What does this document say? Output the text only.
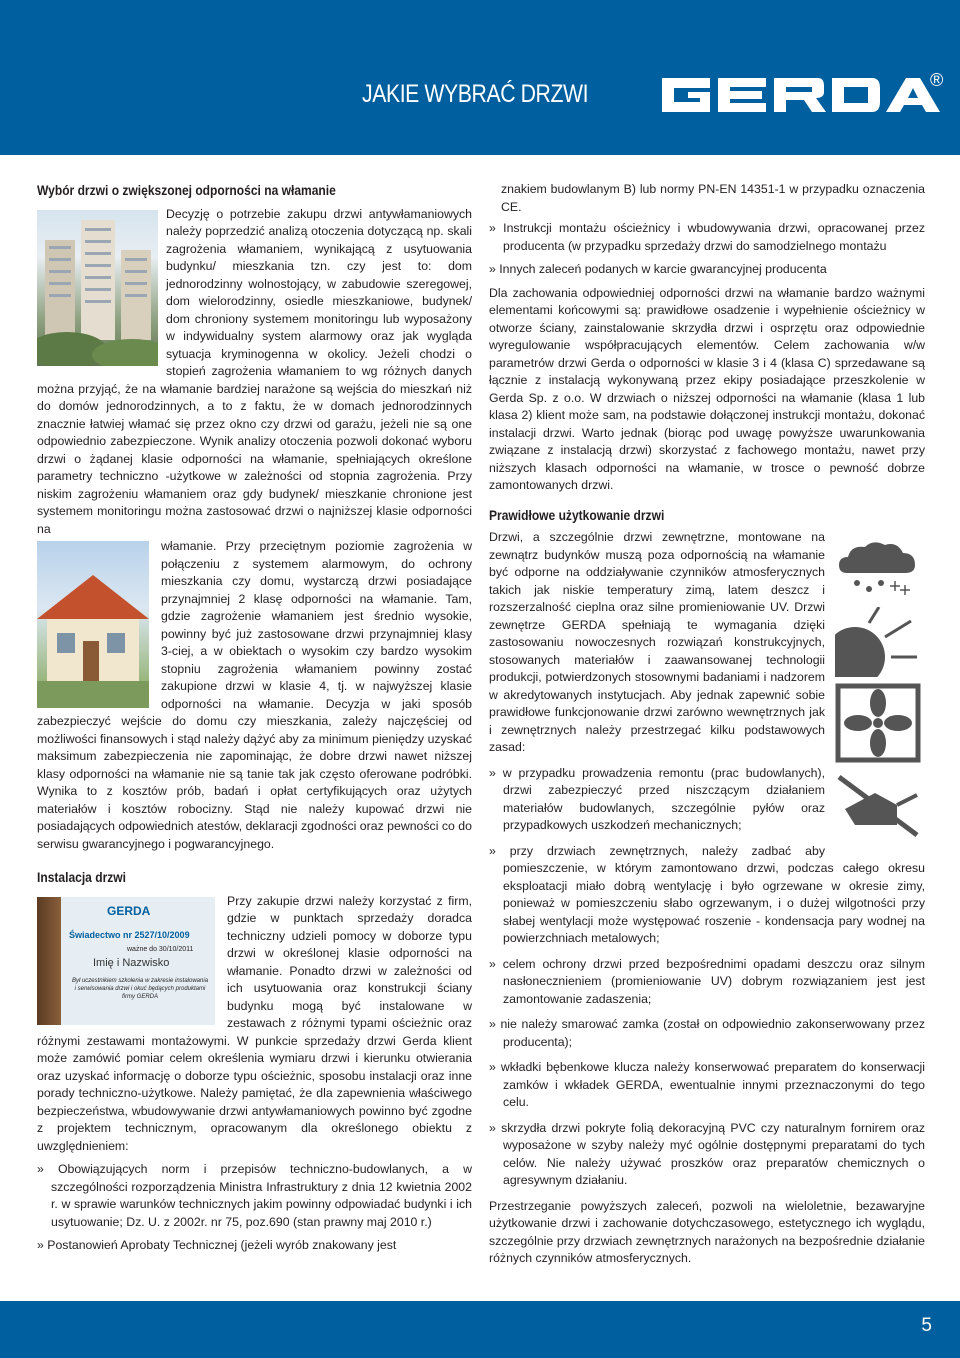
JAKIE WYBRAĆ DRZWI	®
Wybór drzwi o zwiększonej odporności na włamanie

Decyzję o potrzebie zakupu drzwi antywłamaniowych należy poprzedzić analizą otoczenia dotyczącą np. skali zagrożenia włamaniem, wynikającą z usytuowania budynku/ mieszkania tzn. czy jest to: dom jednorodzinny wolnostojący, w zabudowie szeregowej, dom wielorodzinny, osiedle mieszkaniowe, budynek/ dom chroniony systemem monitoringu lub wyposażony w indywidualny system alarmowy oraz jak wygląda sytuacja kryminogenna w okolicy. Jeżeli chodzi o stopień zagrożenia włamaniem to wg różnych danych można przyjąć, że na włamanie bardziej narażone są wejścia do mieszkań niż do domów jednorodzinnych, a to z faktu, że w domach jednorodzinnych znacznie łatwiej włamać się przez okno czy drzwi od garażu, jeżeli nie są one odpowiednio zabezpieczone. Wynik analizy otoczenia pozwoli dokonać wyboru drzwi o żądanej klasie odporności na włamanie, spełniających określone parametry techniczno -użytkowe w zależności od stopnia zagrożenia. Przy niskim zagrożeniu włamaniem oraz gdy budynek/ mieszkanie chronione jest systemem monitoringu można zastosować drzwi o najniższej klasie odporności na

włamanie. Przy przeciętnym poziomie zagrożenia w połączeniu z systemem alarmowym, do ochrony mieszkania czy domu, wystarczą drzwi posiadające przynajmniej 2 klasę odporności na włamanie. Tam, gdzie zagrożenie włamaniem jest średnio wysokie, powinny być już zastosowane drzwi przynajmniej klasy 3-ciej, a w obiektach o wysokim czy bardzo wysokim stopniu zagrożenia włamaniem powinny zostać zakupione drzwi w klasie 4, tj. w najwyższej klasie odporności na włamanie. Decyzja w jaki sposób zabezpieczyć wejście do domu czy mieszkania, zależy najczęściej od możliwości finansowych i stąd należy dążyć aby za minimum pieniędzy uzyskać maksimum zabezpieczenia nie zapominając, że dobre drzwi nawet niższej klasy odporności na włamanie nie są tanie tak jak często oferowane podróbki. Wynika to z kosztów prób, badań i opłat certyfikujących oraz użytych materiałów i kosztów robocizny. Stąd nie należy kupować drzwi nie posiadających odpowiednich atestów, deklaracji zgodności oraz pewności co do serwisu gwarancyjnego i pogwarancyjnego.

Instalacja drzwi
GERDA
Świadectwo nr 2527/10/2009
ważne do 30/10/2011
Imię i Nazwisko
Był uczestnikiem szkolenia w zakresie instalowania i serwisowania drzwi i okuć będących produktami firmy GERDA

Przy zakupie drzwi należy korzystać z firm, gdzie w punktach sprzedaży doradca techniczny udzieli pomocy w doborze typu drzwi w określonej klasie odporności na włamanie. Ponadto drzwi w zależności od ich usytuowania oraz konstrukcji ściany budynku mogą być instalowane w zestawach z różnymi typami ościeżnic oraz różnymi zestawami montażowymi. W punkcie sprzedaży drzwi Gerda klient może zamówić pomiar celem określenia wymiaru drzwi i kierunku otwierania oraz uzyskać informację o doborze typu ościeżnic, sposobu instalacji oraz inne porady techniczno-użytkowe. Należy pamiętać, że dla zapewnienia właściwego bezpieczeństwa, wbudowywanie drzwi antywłamaniowych powinno być zgodne z projektem technicznym, opracowanym dla określonego obiektu z uwzględnieniem:

» Obowiązujących norm i przepisów techniczno-budowlanych, a w szczególności rozporządzenia Ministra Infrastruktury z dnia 12 kwietnia 2002 r. w sprawie warunków technicznych jakim powinny odpowiadać budynki i ich usytuowanie; Dz. U. z 2002r. nr 75, poz.690 (stan prawny maj 2010 r.)

» Postanowień Aprobaty Technicznej (jeżeli wyrób znakowany jest

znakiem budowlanym B) lub normy PN-EN 14351-1 w przypadku oznaczenia CE.

» Instrukcji montażu ościeżnicy i wbudowywania drzwi, opracowanej przez producenta (w przypadku sprzedaży drzwi do samodzielnego montażu

» Innych zaleceń podanych w karcie gwarancyjnej producenta

Dla zachowania odpowiedniej odporności drzwi na włamanie bardzo ważnymi elementami końcowymi są: prawidłowe osadzenie i wypełnienie ościeżnicy w otworze ściany, zainstalowanie skrzydła drzwi i osprzętu oraz odpowiednie wyregulowanie współpracujących elementów. Celem zachowania w/w parametrów drzwi Gerda o odporności w klasie 3 i 4 (klasa C) sprzedawane są łącznie z instalacją wykonywaną przez ekipy posiadające przeszkolenie w Gerda Sp. z o.o. W drzwiach o niższej odporności na włamanie (klasa 1 lub klasa 2) klient może sam, na podstawie dołączonej instrukcji montażu, dokonać instalacji drzwi. Warto jednak (biorąc pod uwagę powyższe uwarunkowania związane z instalacją drzwi) skorzystać z fachowego montażu, nawet przy niższych klasach odporności na włamanie, w trosce o pewność dobrze zamontowanych drzwi.

Prawidłowe użytkowanie drzwi

Drzwi, a szczególnie drzwi zewnętrzne, montowane na zewnątrz budynków muszą poza odpornością na włamanie być odporne na oddziaływanie czynników atmosferycznych takich jak niskie temperatury zimą, latem deszcz i rozszerzalność cieplna oraz silne promieniowanie UV. Drzwi zewnętrze GERDA spełniają te wymagania dzięki zastosowaniu nowoczesnych rozwiązań konstrukcyjnych, stosowanych materiałów i zaawansowanej technologii produkcji, potwierdzonych stosownymi badaniami i nadzorem w akredytowanych instytucjach. Aby jednak zapewnić sobie prawidłowe funkcjonowanie drzwi zarówno wewnętrznych jak i zewnętrznych należy przestrzegać kilku podstawowych zasad:

» w przypadku prowadzenia remontu (prac budowlanych), drzwi zabezpieczyć przed niszczącym działaniem materiałów budowlanych, szczególnie pyłów oraz przypadkowych uszkodzeń mechanicznych;

» przy drzwiach zewnętrznych, należy zadbać aby pomieszczenie, w którym zamontowano drzwi, podczas całego okresu eksploatacji miało dobrą wentylację i było ogrzewane w okresie zimy, ponieważ w pomieszczeniu słabo ogrzewanym, i o dużej wilgotności przy słabej wentylacji może występować roszenie - kondensacja pary wodnej na powierzchniach metalowych;

» celem ochrony drzwi przed bezpośrednimi opadami deszczu oraz silnym nasłonecznieniem (promieniowanie UV) dobrym rozwiązaniem jest jest zamontowanie zadaszenia;

» nie należy smarować zamka (został on odpowiednio zakonserwowany przez producenta);

» wkładki bębenkowe klucza należy konserwować preparatem do konserwacji zamków i wkładek GERDA, ewentualnie innymi przeznaczonymi do tego celu.

» skrzydła drzwi pokryte folią dekoracyjną PVC czy naturalnym fornirem oraz wyposażone w szyby należy myć ogólnie dostępnymi preparatami do tych celów. Nie należy używać proszków oraz preparatów chemicznych o agresywnym działaniu.

Przestrzeganie powyższych zaleceń, pozwoli na wieloletnie, bezawaryjne użytkowanie drzwi i zachowanie dotychczasowego, estetycznego ich wyglądu, szczególnie przy drzwiach zewnętrznych narażonych na bezpośrednie działanie różnych czynników atmosferycznych.

5
